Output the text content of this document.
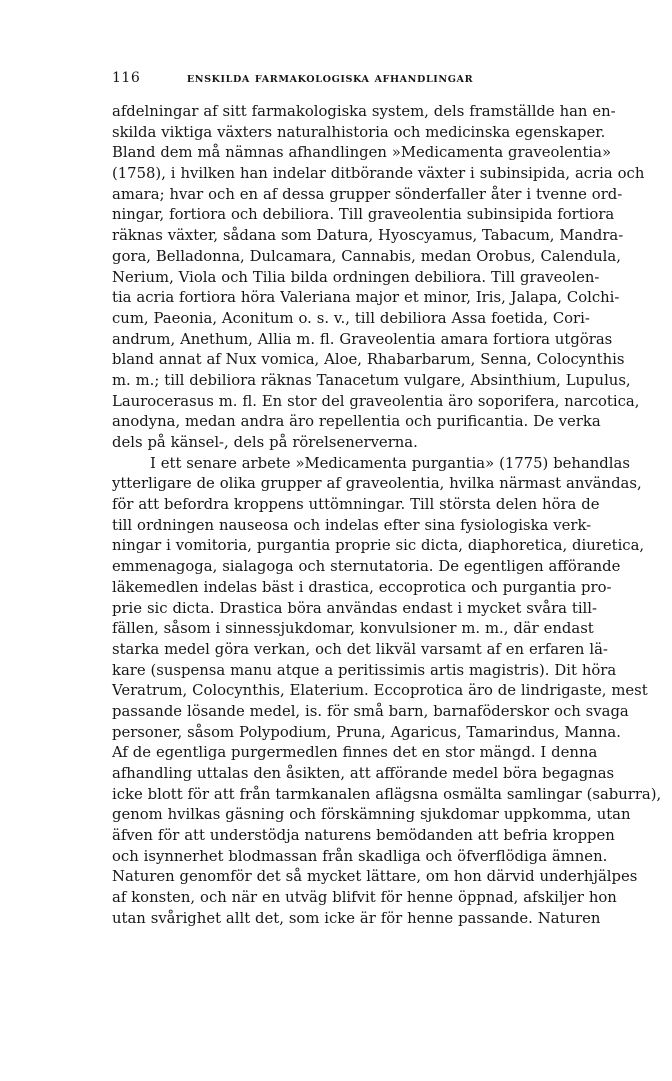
116	ENSKILDA FARMAKOLOGISKA AFHANDLINGAR
afdelningar af sitt farmakologiska system, dels framställde han en-
skilda viktiga växters naturalhistoria och medicinska egenskaper.
Bland dem må nämnas afhandlingen »Medicamenta graveolentia»
(1758), i hvilken han indelar ditbörande växter i subinsipida, acria och
amara; hvar och en af dessa grupper sönderfaller åter i tvenne ord-
ningar, fortiora och debiliora. Till graveolentia subinsipida fortiora
räknas växter, sådana som Datura, Hyoscyamus, Tabacum, Mandra-
gora, Belladonna, Dulcamara, Cannabis, medan Orobus, Calendula,
Nerium, Viola och Tilia bilda ordningen debiliora. Till graveolen-
tia acria fortiora höra Valeriana major et minor, Iris, Jalapa, Colchi-
cum, Paeonia, Aconitum o. s. v., till debiliora Assa foetida, Cori-
andrum, Anethum, Allia m. fl. Graveolentia amara fortiora utgöras
bland annat af Nux vomica, Aloe, Rhabarbarum, Senna, Colocynthis
m. m.; till debiliora räknas Tanacetum vulgare, Absinthium, Lupulus,
Laurocerasus m. fl. En stor del graveolentia äro soporifera, narcotica,
anodyna, medan andra äro repellentia och purificantia. De verka
dels på känsel-, dels på rörelsenerverna.
I ett senare arbete »Medicamenta purgantia» (1775) behandlas
ytterligare de olika grupper af graveolentia, hvilka närmast användas,
för att befordra kroppens uttömningar. Till största delen höra de
till ordningen nauseosa och indelas efter sina fysiologiska verk-
ningar i vomitoria, purgantia proprie sic dicta, diaphoretica, diuretica,
emmenagoga, sialagoga och sternutatoria. De egentligen afförande
läkemedlen indelas bäst i drastica, eccoprotica och purgantia pro-
prie sic dicta. Drastica böra användas endast i mycket svåra till-
fällen, såsom i sinnessjukdomar, konvulsioner m. m., där endast
starka medel göra verkan, och det likväl varsamt af en erfaren lä-
kare (suspensa manu atque a peritissimis artis magistris). Dit höra
Veratrum, Colocynthis, Elaterium. Eccoprotica äro de lindrigaste, mest
passande lösande medel, is. för små barn, barnaföderskor och svaga
personer, såsom Polypodium, Pruna, Agaricus, Tamarindus, Manna.
Af de egentliga purgermedlen finnes det en stor mängd. I denna
afhandling uttalas den åsikten, att afförande medel böra begagnas
icke blott för att från tarmkanalen aflägsna osmälta samlingar (saburra),
genom hvilkas gäsning och förskämning sjukdomar uppkomma, utan
äfven för att understödja naturens bemödanden att befria kroppen
och isynnerhet blodmassan från skadliga och öfverflödiga ämnen.
Naturen genomför det så mycket lättare, om hon därvid underhjälpes
af konsten, och när en utväg blifvit för henne öppnad, afskiljer hon
utan svårighet allt det, som icke är för henne passande. Naturen
